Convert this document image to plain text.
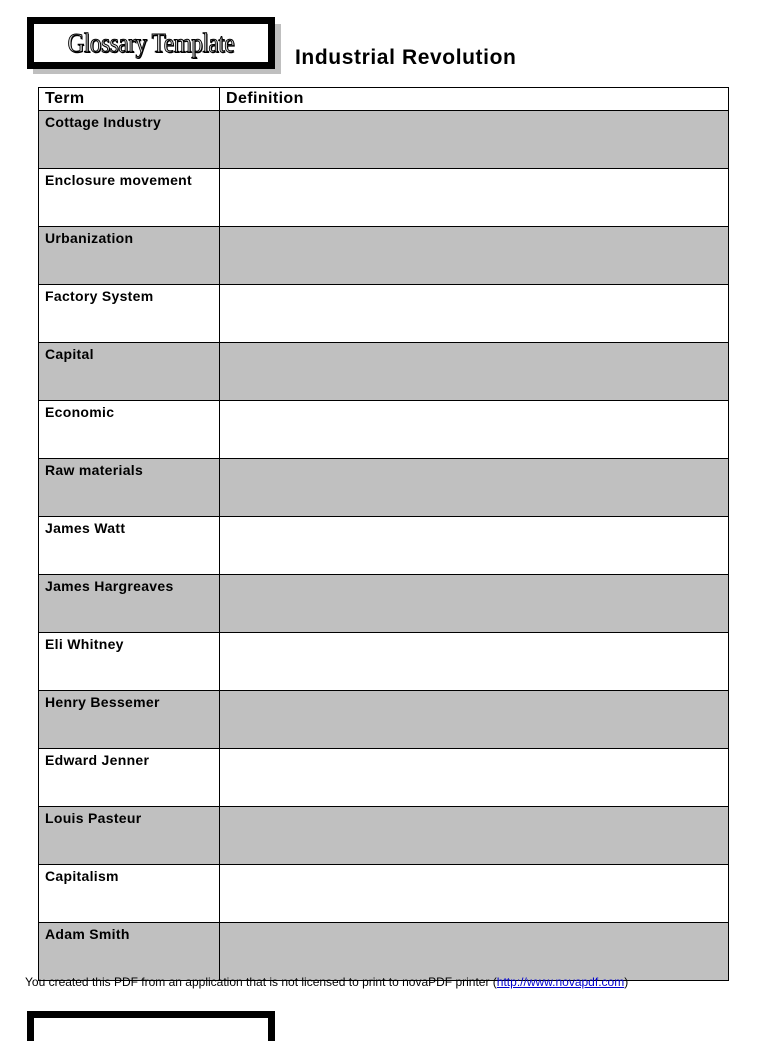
Glossary Template	Industrial Revolution
Term	Definition
Cottage Industry	
Enclosure movement	
Urbanization	
Factory System	
Capital	
Economic	
Raw materials	
James Watt	
James Hargreaves	
Eli Whitney	
Henry Bessemer	
Edward Jenner	
Louis Pasteur	
Capitalism	
Adam Smith	
You created this PDF from an application that is not licensed to print to novaPDF printer (http://www.novapdf.com)
